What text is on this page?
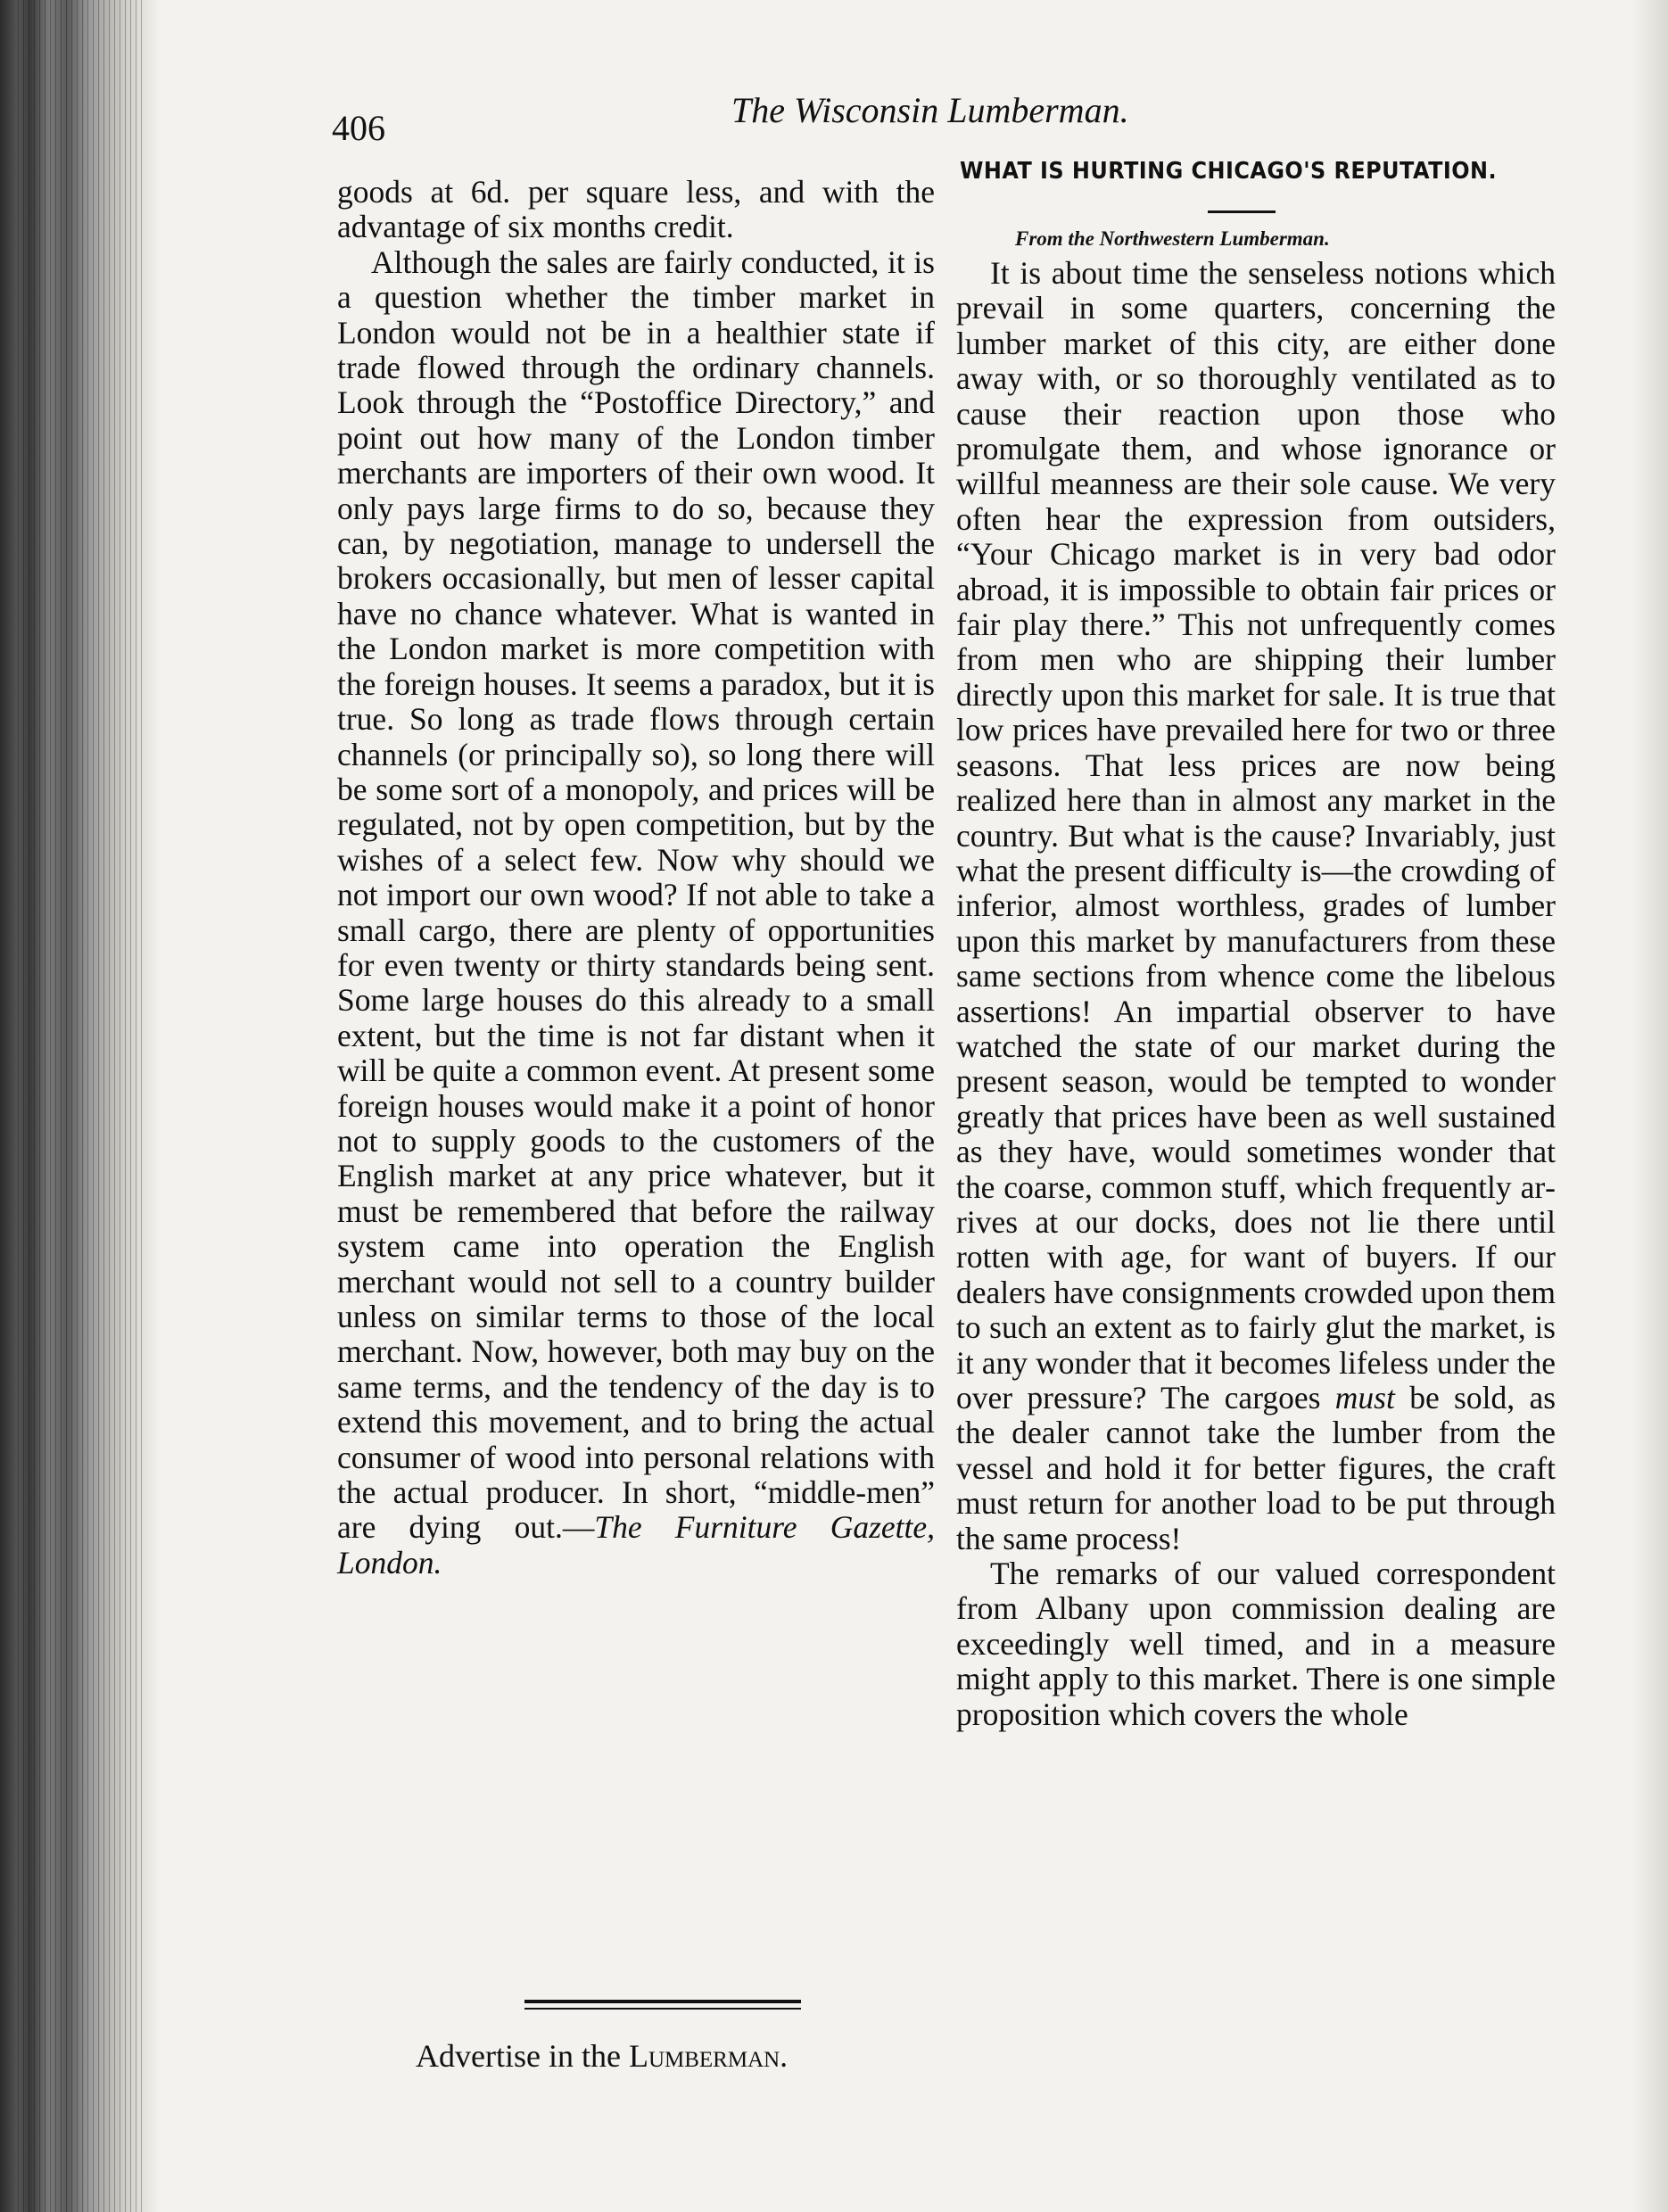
406	The Wisconsin Lumberman.

goods at 6d. per square less, and with the advantage of six months credit.

Although the sales are fairly conducted, it is a question whether the timber market in London would not be in a healthier state if trade flowed through the ordinary channels. Look through the “Postoffice Directory,” and point out how many of the London timber merchants are importers of their own wood. It only pays large firms to do so, because they can, by negotiation, manage to undersell the brokers occasionally, but men of lesser capital have no chance whatever. What is wanted in the London market is more competition with the foreign houses. It seems a paradox, but it is true. So long as trade flows through certain channels (or principally so), so long there will be some sort of a monopoly, and prices will be regulated, not by open competition, but by the wishes of a select few. Now why should we not import our own wood? If not able to take a small cargo, there are plenty of opportunities for even twenty or thirty standards being sent. Some large houses do this already to a small extent, but the time is not far distant when it will be quite a common event. At present some foreign houses would make it a point of honor not to supply goods to the customers of the English market at any price whatever, but it must be remembered that before the railway system came into operation the English merchant would not sell to a country builder unless on similar terms to those of the local merchant. Now, however, both may buy on the same terms, and the tendency of the day is to extend this movement, and to bring the actual consumer of wood into personal relations with the actual producer. In short, “middle-men” are dying out.—The Furniture Gazette, London.

Advertise in the Lumberman.
WHAT IS HURTING CHICAGO'S REPUTATION.
From the Northwestern Lumberman.

It is about time the senseless notions which prevail in some quarters, concerning the lumber market of this city, are either done away with, or so thoroughly ventilated as to cause their reaction upon those who promulgate them, and whose ignorance or willful meanness are their sole cause. We very often hear the expression from outsiders, “Your Chicago market is in very bad odor abroad, it is impossible to obtain fair prices or fair play there.” This not unfrequently comes from men who are shipping their lumber directly upon this market for sale. It is true that low prices have prevailed here for two or three seasons. That less prices are now being realized here than in almost any market in the country. But what is the cause? Invariably, just what the present difficulty is—the crowding of inferior, almost worthless, grades of lumber upon this market by manufacturers from these same sections from whence come the libelous assertions! An impartial observer to have watched the state of our market during the present season, would be tempted to wonder greatly that prices have been as well sustained as they have, would sometimes wonder that the coarse, common stuff, which frequently arrives at our docks, does not lie there until rotten with age, for want of buyers. If our dealers have consignments crowded upon them to such an extent as to fairly glut the market, is it any wonder that it becomes lifeless under the over pressure? The cargoes must be sold, as the dealer cannot take the lumber from the vessel and hold it for better figures, the craft must return for another load to be put through the same process!

The remarks of our valued correspondent from Albany upon commission dealing are exceedingly well timed, and in a measure might apply to this market. There is one simple proposition which covers the whole
